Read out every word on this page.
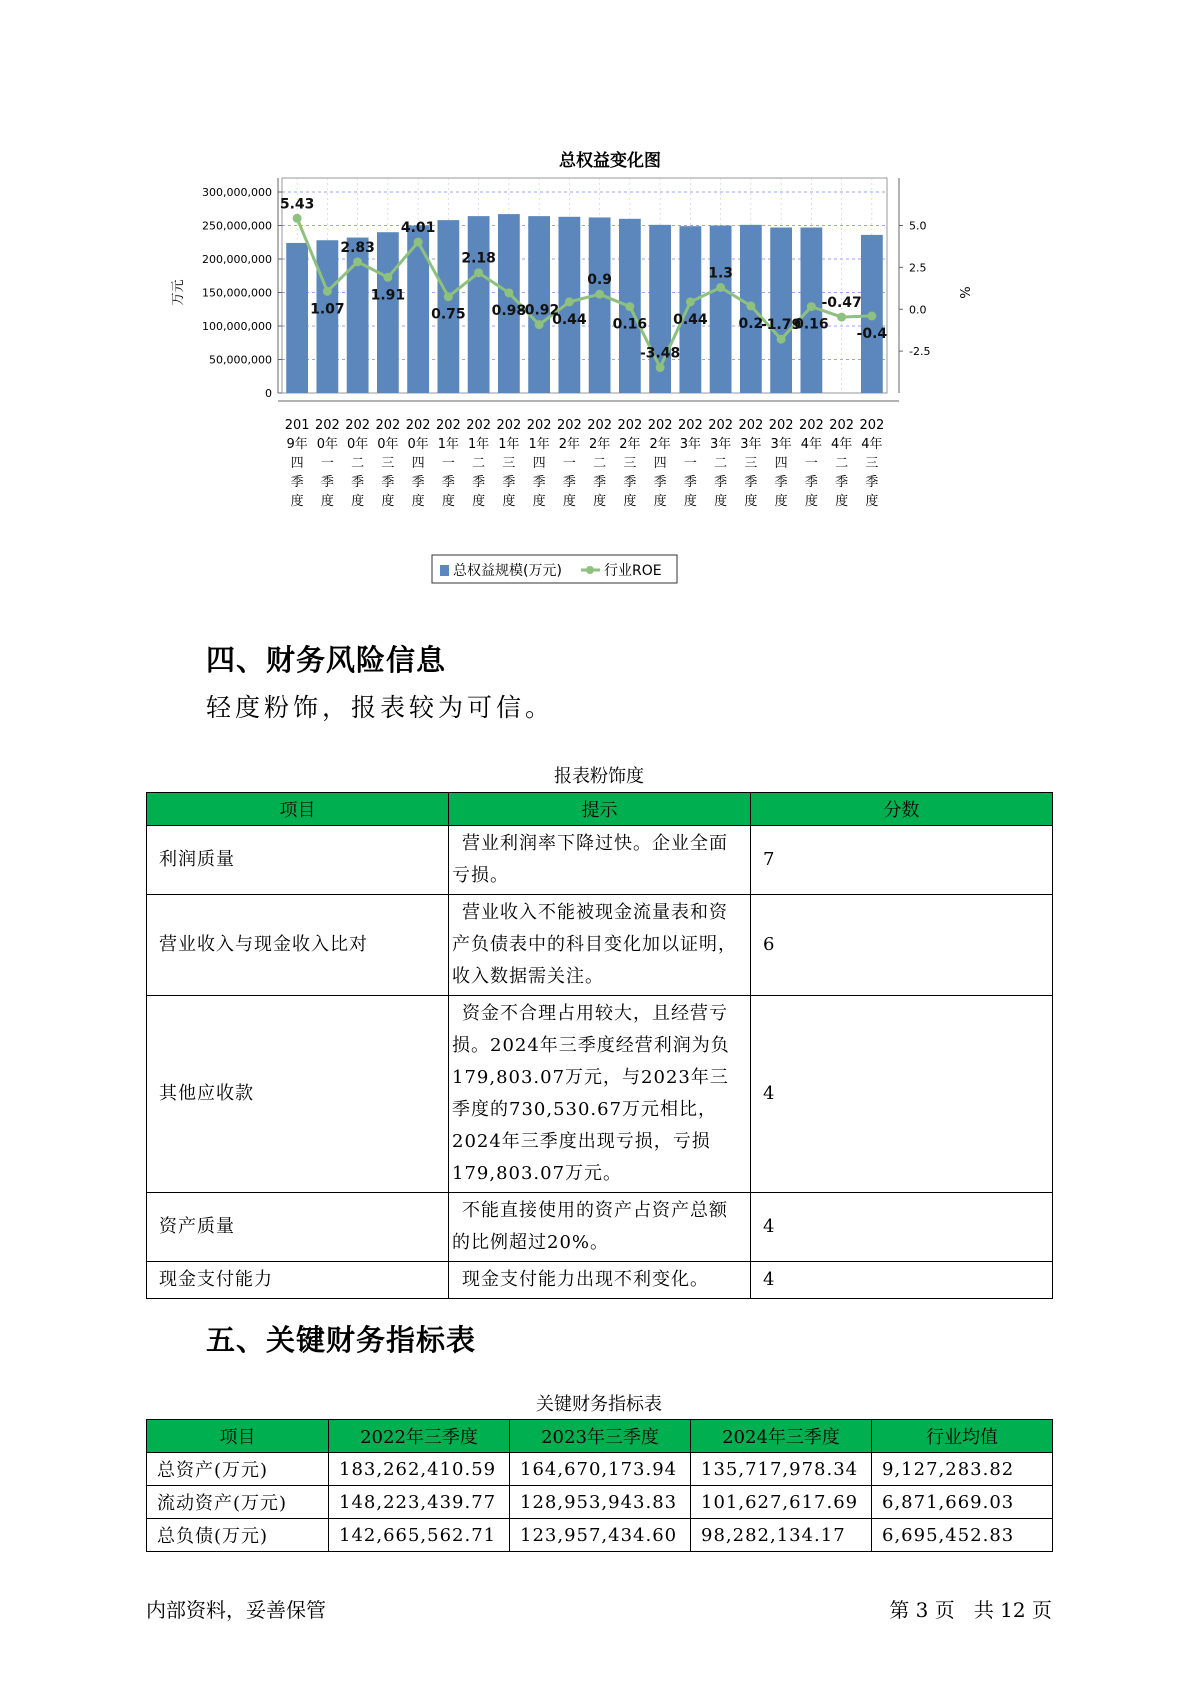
总权益变化图
5.43
1.07
2.83
1.91
4.01
0.75
2.18
0.98
-0.92
0.44
0.9
0.16
-3.48
0.44
1.3
0.2
-1.79
0.16
-0.47
-0.4
300,000,000
250,000,000
200,000,000
150,000,000
100,000,000
50,000,000
0
5.0
2.5
0.0
-2.5
万元	%
201 9年四季度
202 0年一季度
202 0年二季度
202 0年三季度
202 0年四季度
202 1年一季度
202 1年二季度
202 1年三季度
202 1年四季度
202 2年一季度
202 2年二季度
202 2年三季度
202 2年四季度
202 3年一季度
202 3年二季度
202 3年三季度
202 3年四季度
202 4年一季度
202 4年二季度
202 4年三季度
总权益规模(万元)	行业ROE
四、财务风险信息
轻度粉饰，报表较为可信。
报表粉饰度
项目	提示	分数
利润质量	营业利润率下降过快。企业全面亏损。	7
营业收入与现金收入比对	营业收入不能被现金流量表和资产负债表中的科目变化加以证明，收入数据需关注。	6
其他应收款	资金不合理占用较大，且经营亏损。2024年三季度经营利润为负179,803.07万元，与2023年三季度的730,530.67万元相比，2024年三季度出现亏损，亏损179,803.07万元。	4
资产质量	不能直接使用的资产占资产总额的比例超过20%。	4
现金支付能力	现金支付能力出现不利变化。	4
五、关键财务指标表
关键财务指标表
项目	2022年三季度	2023年三季度	2024年三季度	行业均值
总资产(万元)	183,262,410.59	164,670,173.94	135,717,978.34	9,127,283.82
流动资产(万元)	148,223,439.77	128,953,943.83	101,627,617.69	6,871,669.03
总负债(万元)	142,665,562.71	123,957,434.60	98,282,134.17	6,695,452.83
内部资料，妥善保管	第 3 页   共 12 页
